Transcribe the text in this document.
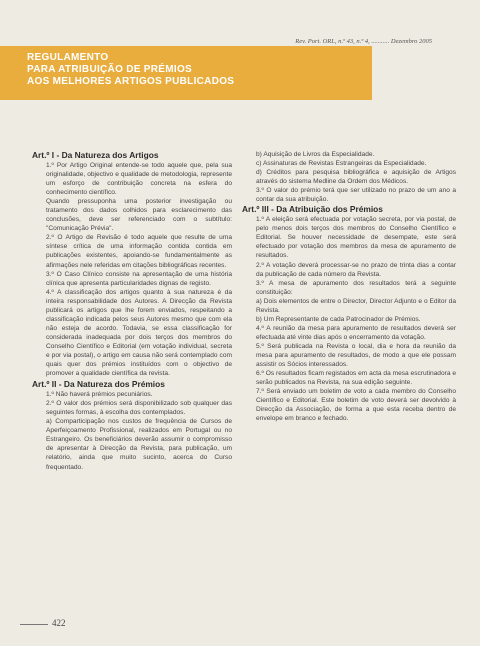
Rev. Port. ORL, n.º 43, n.º 4, ........... Dezembro 2005
REGULAMENTO
PARA ATRIBUIÇÃO DE PRÉMIOS
AOS MELHORES ARTIGOS PUBLICADOS
Art.º I - Da Natureza dos Artigos

1.º Por Artigo Original entende-se todo aquele que, pela sua originalidade, objectivo e qualidade de metodologia, represente um esforço de contribuição concreta na esfera do conhecimento científico.

Quando pressuponha uma posterior investigação ou tratamento dos dados colhidos para esclarecimento das conclusões, deve ser referenciado com o subtítulo: "Comunicação Prévia".

2.º O Artigo de Revisão é todo aquele que resulte de uma síntese crítica de uma informação contida contida em publicações existentes, apoiando-se fundamentalmente as afirmações nele referidas em citações bibliográficas recentes.

3.º O Caso Clínico consiste na apresentação de uma história clínica que apresenta particularidades dignas de registo.

4.º A classificação dos artigos quanto à sua natureza é da inteira responsabilidade dos Autores. A Direcção da Revista publicará os artigos que lhe forem enviados, respeitando a classificação indicada pelos seus Autores mesmo que com ela não esteja de acordo. Todavia, se essa classificação for considerada inadequada por dois terços dos membros do Conselho Científico e Editorial (em votação individual, secreta e por via postal), o artigo em causa não será contemplado com quais quer dos prémios instituídos com o objectivo de promover a qualidade científica da revista.

Art.º II - Da Natureza dos Prémios

1.º Não haverá prémios pecuniários.

2.º O valor dos prémios será disponibilizado sob qualquer das seguintes formas, à escolha dos contemplados.

a) Comparticipação nos custos de frequência de Cursos de Aperfeiçoamento Profissional, realizados em Portugal ou no Estrangeiro. Os beneficiários deverão assumir o compromisso de apresentar à Direcção da Revista, para publicação, um relatório, ainda que muito sucinto, acerca do Curso frequentado.

b) Aquisição de Livros da Especialidade.

c) Assinaturas de Revistas Estrangeiras da Especialidade.

d) Créditos para pesquisa bibliográfica e aquisição de Artigos através do sistema Medline da Ordem dos Médicos.

3.º O valor do prémio terá que ser utilizado no prazo de um ano a contar da sua atribuição.

Art.º III - Da Atribuição dos Prémios

1.º A eleição será efectuada por votação secreta, por via postal, de pelo menos dois terços dos membros do Conselho Científico e Editorial. Se houver necessidade de desempate, este será efectuado por votação dos membros da mesa de apuramento de resultados.

2.º A votação deverá processar-se no prazo de trinta dias a contar da publicação de cada número da Revista.

3.º A mesa de apuramento dos resultados terá a seguinte constituição:

a) Dois elementos de entre o Director, Director Adjunto e o Editor da Revista.

b) Um Representante de cada Patrocinador de Prémios.

4.º A reunião da mesa para apuramento de resultados deverá ser efectuada até vinte dias após o encerramento da votação.

5.º Será publicada na Revista o local, dia e hora da reunião da mesa para apuramento de resultados, de modo a que ele possam assistir os Sócios interessados.

6.º Os resultados ficam registados em acta da mesa escrutinadora e serão publicados na Revista, na sua edição seguinte.

7.º Será enviado um boletim de voto a cada membro do Conselho Científico e Editorial. Este boletim de voto deverá ser devolvido à Direcção da Associação, de forma a que esta receba dentro de envelope em branco e fechado.

422
